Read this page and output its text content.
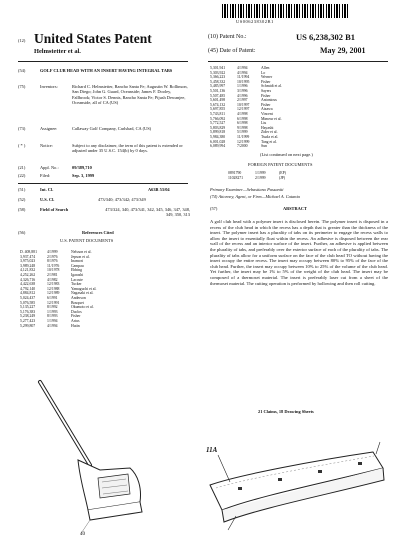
US006238302B1
(12) United States Patent
Helmstetter et al.
(10) Patent No.:	US 6,238,302 B1
(45) Date of Patent:	May 29, 2001
(54)	GOLF CLUB HEAD WITH AN INSERT HAVING INTEGRAL TABS
(75)	Inventors:	Richard C. Helmstetter, Rancho Santa Fe; Augustin W. Rollinson, San Diego; John G. Guard, Oceanside; James F. Dooley, Fallbrook; Victor S. Dennis, Rancho Santa Fe; Pijush Dewanjee, Oceanside, all of CA (US)
(73)	Assignee:	Callaway Golf Company, Carlsbad, CA (US)
( * )	Notice:	Subject to any disclaimer, the term of this patent is extended or adjusted under 35 U.S.C. 154(b) by 0 days.
(21)	Appl. No.:	09/389,710
(22)	Filed:	Sep. 3, 1999
(51)	Int. Cl.	A63B 53/04
(52)	U.S. Cl.	473/340; 473/342; 473/349
(58)	Field of Search	473/324, 340, 473/341, 342, 345, 346, 347, 348, 349, 350, 313
(56)	References Cited
U.S. PATENT DOCUMENTS
D. 408,881	4/1999	Nelsson et al.
3,937,474	2/1976	Jepson et al.
3,975,023	8/1976	Inamori
3,989,248	11/1976	Campau
4,121,832	10/1978	Ebbing
4,252,262	2/1981	Igarashi
4,326,716	4/1982	Lacoste
4,422,638	12/1983	Tucker
4,792,140	12/1988	Yamaguchi et al.
4,884,812	12/1989	Nagasaki et al.
5,024,437	6/1991	Anderson
5,076,585	12/1991	Bouquet
5,135,227	8/1992	Okumoto et al.
5,176,383	1/1993	Duclos
5,238,249	8/1993	Fisher
5,277,423	1/1994	Artus
5,299,807	4/1994	Hutin
5,301,941	4/1994	Allen
5,303,922	4/1994	Lo
5,366,223	11/1994	Werner
5,458,332	10/1995	Fisher
5,485,997	1/1996	Schmidt et al.
5,501,136	3/1996	Sayers
5,507,485	4/1996	Fisher
5,601,498	2/1997	Antonious
5,674,132	10/1997	Fisher
5,697,855	12/1997	Aizawa
5,743,811	4/1998	Vincent
5,766,092	6/1998	Mimeur et al.
5,772,527	6/1998	Liu
5,803,829	9/1998	Hayashi
5,899,818	5/1999	Zider et al.
5,984,380	11/1999	Tsuda et al.
6,001,028	12/1999	Tang et al.
6,089,994	7/2000	Sun
(List continued on next page.)
FOREIGN PATENT DOCUMENTS
0891790	1/1999	(EP)
11028271	2/1999	(JP)
Primary Examiner—Sebastiano Passaniti
(74) Attorney, Agent, or Firm—Michael A. Catania
(57)	ABSTRACT
A golf club head with a polymer insert is disclosed herein. The polymer insert is disposed in a recess of the club head in which the recess has a depth that is greater than the thickness of the insert. The polymer insert has a plurality of tabs on its perimeter to engage the recess walls to allow the insert to essentially float within the recess. An adhesive is disposed between the rear wall of the recess and an interior surface of the insert. Further, an adhesive is applied between the plurality of tabs, and preferably over the exterior surface of each of the plurality of tabs. The plurality of tabs allow for a uniform surface on the face of the club head TO without having the insert occupy the entire recess. The insert may occupy between 80% to 95% of the face of the club head. Further, the insert may occupy between 10% to 25% of the volume of the club head. Yet further, the insert may be 1% to 5% of the weight of the club head. The insert may be composed of a thermoset material. The insert is preferably laser cut from a sheet of the thermoset material. The cutting operation is performed by hollowing and then roll cutting.
21 Claims, 18 Drawing Sheets
40
11A
